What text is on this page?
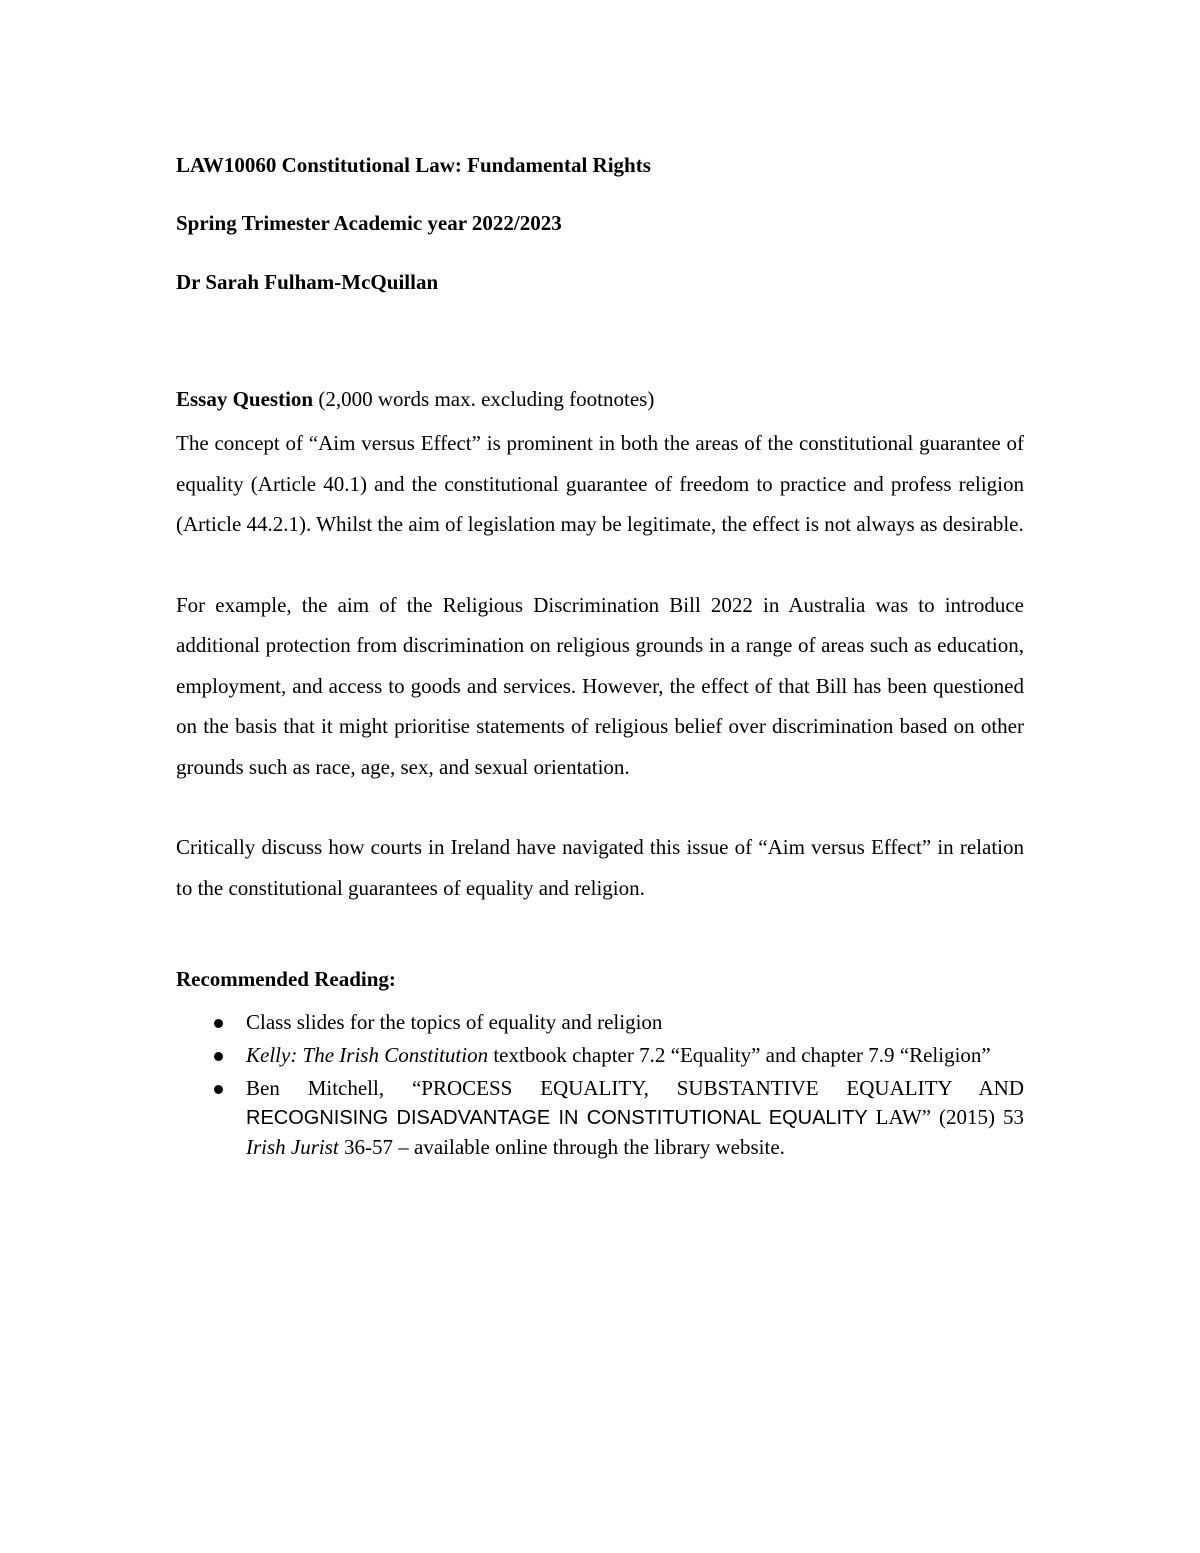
LAW10060 Constitutional Law: Fundamental Rights

Spring Trimester Academic year 2022/2023

Dr Sarah Fulham-McQuillan

Essay Question (2,000 words max. excluding footnotes)

The concept of “Aim versus Effect” is prominent in both the areas of the constitutional guarantee of equality (Article 40.1) and the constitutional guarantee of freedom to practice and profess religion (Article 44.2.1). Whilst the aim of legislation may be legitimate, the effect is not always as desirable.

For example, the aim of the Religious Discrimination Bill 2022 in Australia was to introduce additional protection from discrimination on religious grounds in a range of areas such as education, employment, and access to goods and services. However, the effect of that Bill has been questioned on the basis that it might prioritise statements of religious belief over discrimination based on other grounds such as race, age, sex, and sexual orientation.

Critically discuss how courts in Ireland have navigated this issue of “Aim versus Effect” in relation to the constitutional guarantees of equality and religion.

Recommended Reading:

Class slides for the topics of equality and religion
Kelly: The Irish Constitution textbook chapter 7.2 “Equality” and chapter 7.9 “Religion”
Ben Mitchell, “PROCESS EQUALITY, SUBSTANTIVE EQUALITY AND RECOGNISING DISADVANTAGE IN CONSTITUTIONAL EQUALITY LAW” (2015) 53 Irish Jurist 36-57 – available online through the library website.
